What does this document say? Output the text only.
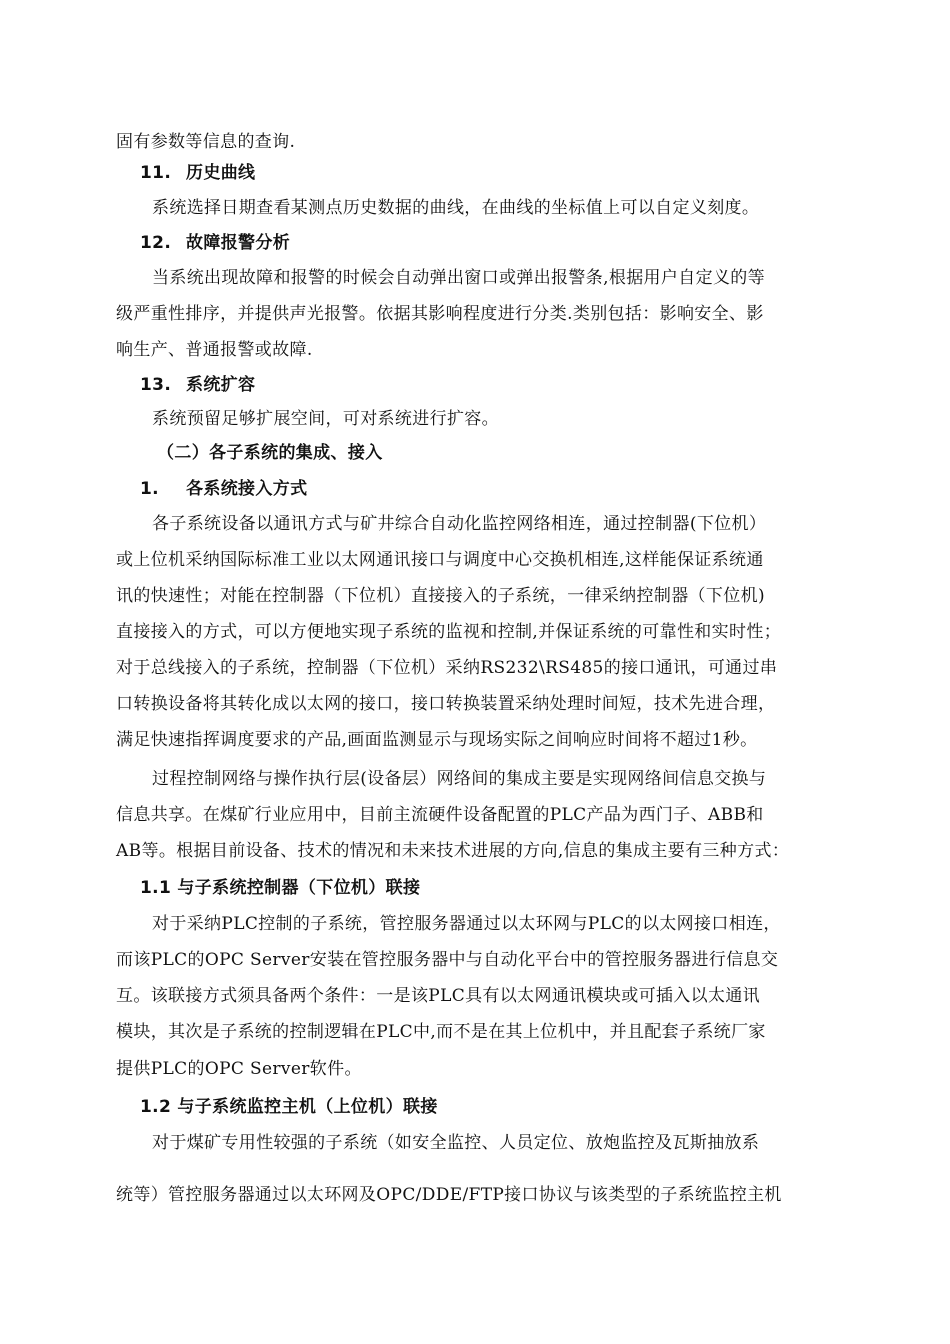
固有参数等信息的查询.
11. 历史曲线
系统选择日期查看某测点历史数据的曲线，在曲线的坐标值上可以自定义刻度。
12. 故障报警分析
当系统出现故障和报警的时候会自动弹出窗口或弹出报警条,根据用户自定义的等
级严重性排序，并提供声光报警。依据其影响程度进行分类.类别包括：影响安全、影
响生产、普通报警或故障.
13. 系统扩容
系统预留足够扩展空间，可对系统进行扩容。
（二）各子系统的集成、接入
1. 各系统接入方式
各子系统设备以通讯方式与矿井综合自动化监控网络相连，通过控制器(下位机）
或上位机采纳国际标准工业以太网通讯接口与调度中心交换机相连,这样能保证系统通
讯的快速性；对能在控制器（下位机）直接接入的子系统，一律采纳控制器（下位机)
直接接入的方式，可以方便地实现子系统的监视和控制,并保证系统的可靠性和实时性；
对于总线接入的子系统，控制器（下位机）采纳RS232\RS485的接口通讯，可通过串
口转换设备将其转化成以太网的接口，接口转换装置采纳处理时间短，技术先进合理，
满足快速指挥调度要求的产品,画面监测显示与现场实际之间响应时间将不超过1秒。
过程控制网络与操作执行层(设备层）网络间的集成主要是实现网络间信息交换与
信息共享。在煤矿行业应用中，目前主流硬件设备配置的PLC产品为西门子、ABB和
AB等。根据目前设备、技术的情况和未来技术进展的方向,信息的集成主要有三种方式：
1.1 与子系统控制器（下位机）联接
对于采纳PLC控制的子系统，管控服务器通过以太环网与PLC的以太网接口相连，
而该PLC的OPC Server安装在管控服务器中与自动化平台中的管控服务器进行信息交
互。该联接方式须具备两个条件：一是该PLC具有以太网通讯模块或可插入以太通讯
模块，其次是子系统的控制逻辑在PLC中,而不是在其上位机中，并且配套子系统厂家
提供PLC的OPC Server软件。
1.2 与子系统监控主机（上位机）联接
对于煤矿专用性较强的子系统（如安全监控、人员定位、放炮监控及瓦斯抽放系
统等）管控服务器通过以太环网及OPC/DDE/FTP接口协议与该类型的子系统监控主机
